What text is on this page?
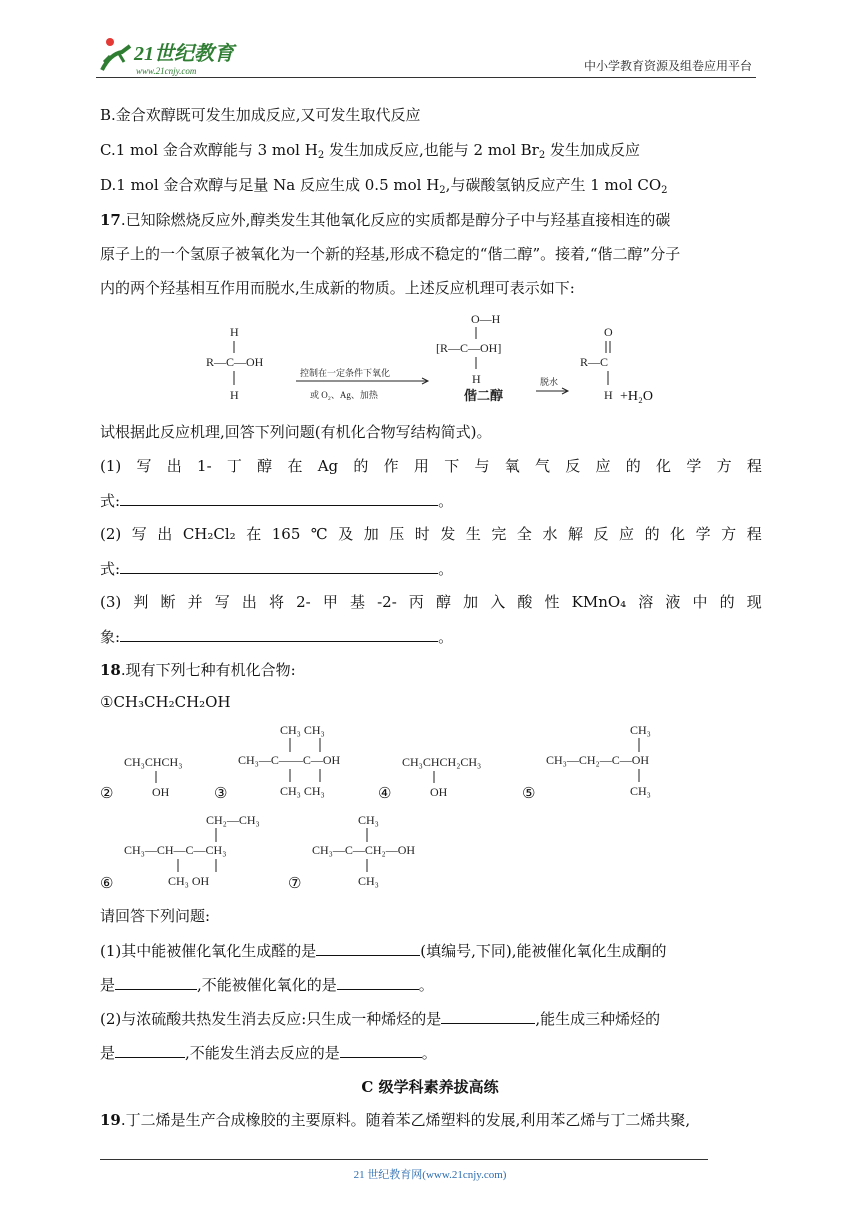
21世纪教育
www.21cnjy.com	中小学教育资源及组卷应用平台
B.金合欢醇既可发生加成反应,又可发生取代反应
C.1 mol 金合欢醇能与 3 mol $H_2$ 发生加成反应,也能与 2 mol $Br_2$ 发生加成反应
D.1 mol 金合欢醇与足量 Na 反应生成 0.5 mol $H_2$,与碳酸氢钠反应产生 1 mol $CO_2$
17.已知除燃烧反应外,醇类发生其他氧化反应的实质都是醇分子中与羟基直接相连的碳
原子上的一个氢原子被氧化为一个新的羟基,形成不稳定的“偕二醇”。接着,“偕二醇”分子
内的两个羟基相互作用而脱水,生成新的物质。上述反应机理可表示如下:
H
R—C—OH
H
控制在一定条件下氧化
或 O₂、Ag、加热
O—H
[R—C—OH]
H
偕二醇
脱水
O
R—C
H +H₂O
试根据此反应机理,回答下列问题(有机化合物写结构简式)。
(1) 写 出 1- 丁 醇 在 Ag 的 作 用 下 与 氧 气 反 应 的 化 学 方 程
式:	。
(2) 写 出 CH₂Cl₂ 在 165 ℃ 及 加 压 时 发 生 完 全 水 解 反 应 的 化 学 方 程
式:	。
(3) 判 断 并 写 出 将 2- 甲 基 -2- 丙 醇 加 入 酸 性 KMnO₄ 溶 液 中 的 现
象:	。
18.现有下列七种有机化合物:
①CH₃CH₂CH₂OH
②
CH₃CHCH₃
OH	③
CH₃ CH₃
CH₃—C——C—OH
CH₃ CH₃	④
CH₃CHCH₂CH₃
OH	⑤
CH₃
CH₃—CH₂—C—OH
CH₃
⑥
CH₂—CH₃
CH₃—CH—C—CH₃
CH₃ OH	⑦
CH₃
CH₃—C—CH₂—OH
CH₃
请回答下列问题:
(1)其中能被催化氧化生成醛的是	(填编号,下同),能被催化氧化生成酮的
是	,不能被催化氧化的是	。
(2)与浓硫酸共热发生消去反应:只生成一种烯烃的是	,能生成三种烯烃的
是	,不能发生消去反应的是	。
C 级学科素养拔高练
19.丁二烯是生产合成橡胶的主要原料。随着苯乙烯塑料的发展,利用苯乙烯与丁二烯共聚,
21 世纪教育网(www.21cnjy.com)
